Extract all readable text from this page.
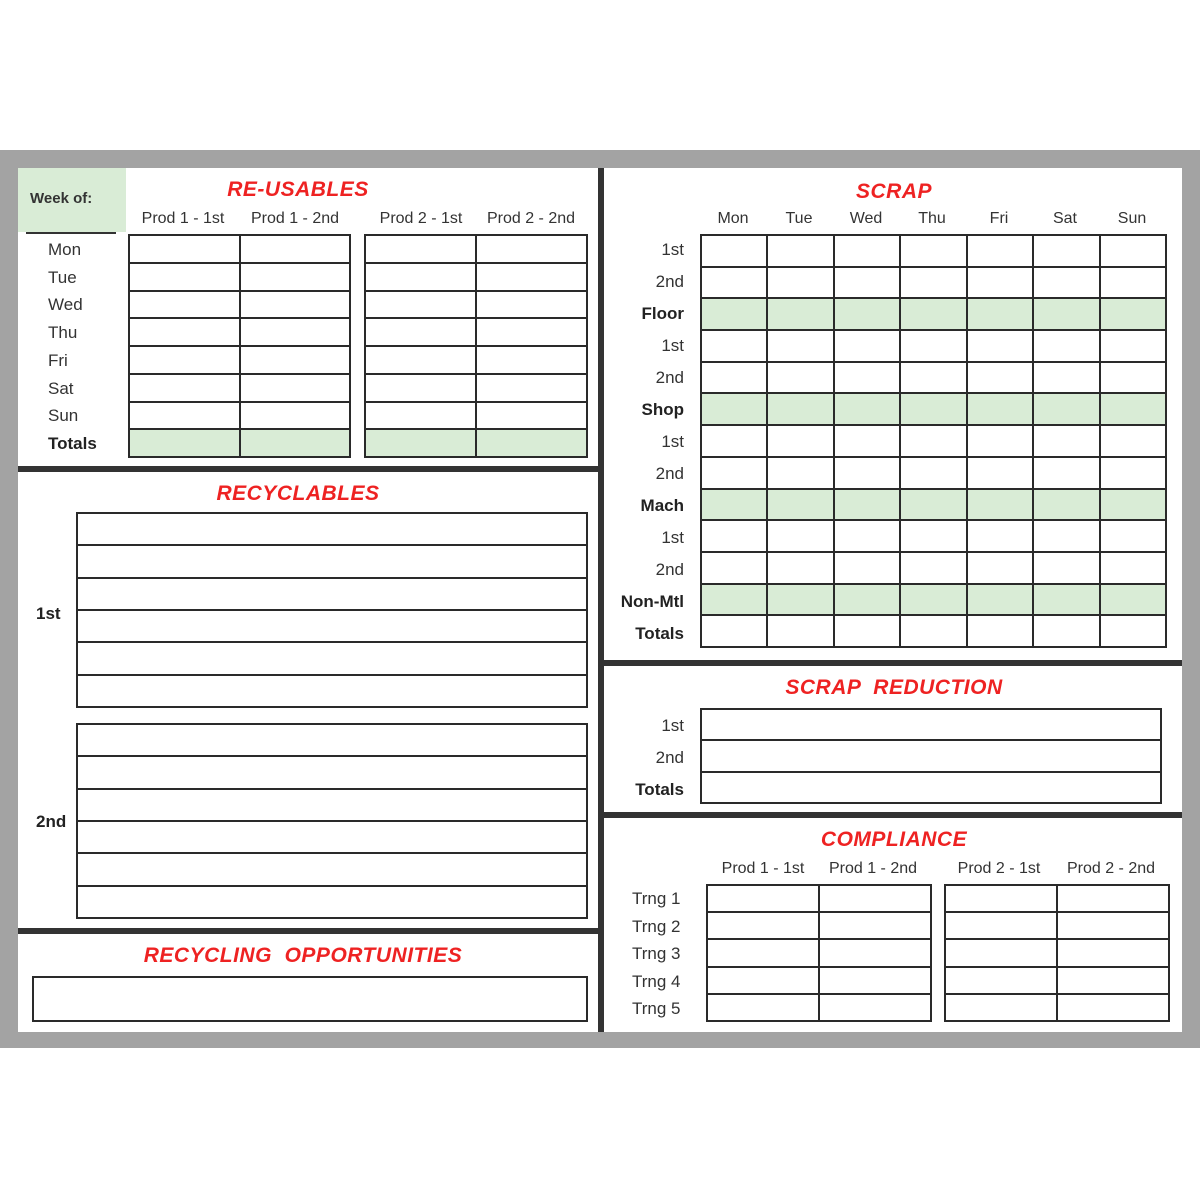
Week of:	RE-USABLES
Prod 1 - 1st	Prod 1 - 2nd	Prod 2 - 1st	Prod 2 - 2nd
Mon
Tue
Wed
Thu
Fri
Sat
Sun
Totals
RECYCLABLES
1st
2nd
RECYCLING  OPPORTUNITIES
SCRAP
Mon	Tue	Wed	Thu	Fri	Sat	Sun
1st
2nd
Floor
1st
2nd
Shop
1st
2nd
Mach
1st
2nd
Non-Mtl
Totals
SCRAP  REDUCTION
1st
2nd
Totals
COMPLIANCE
Prod 1 - 1st	Prod 1 - 2nd	Prod 2 - 1st	Prod 2 - 2nd
Trng 1
Trng 2
Trng 3
Trng 4
Trng 5
